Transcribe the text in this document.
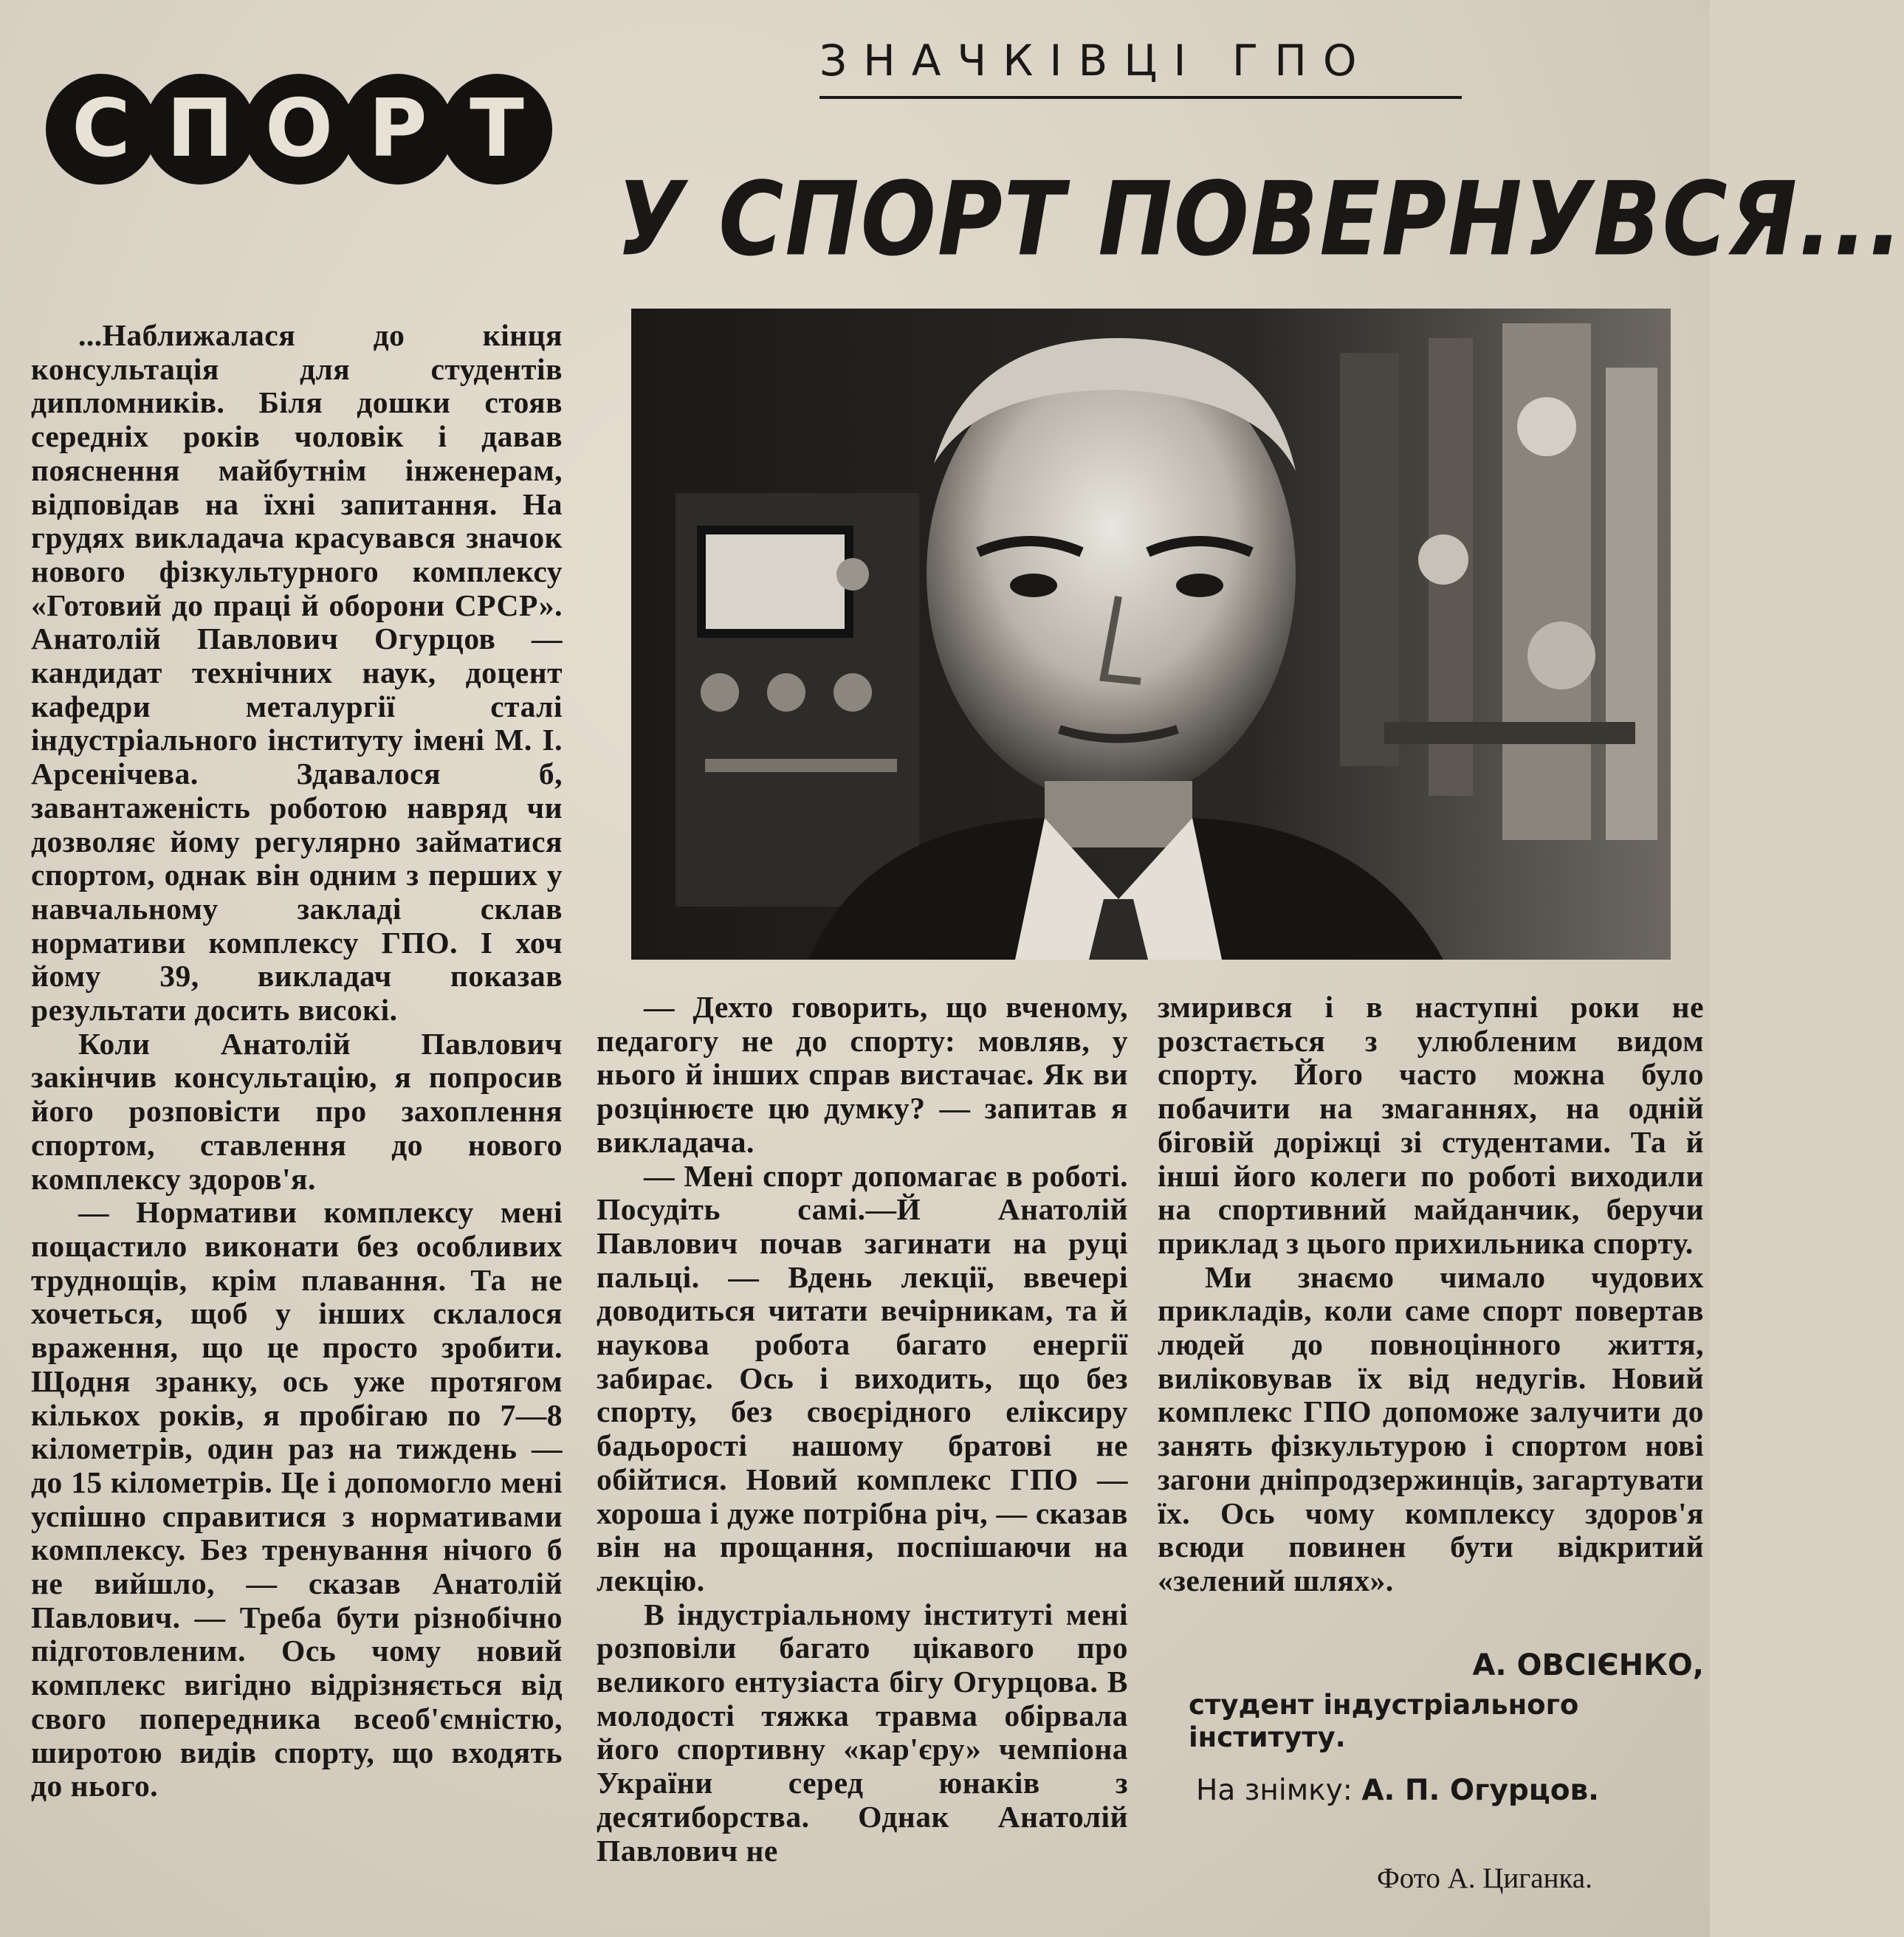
С П О Р Т
ЗНАЧКІВЦІ ГПО
У СПОРТ ПОВЕРНУВСЯ...

...Наближалася до кінця консультація для студентів дипломників. Біля дошки стояв середніх років чоловік і давав пояснення майбутнім інженерам, відповідав на їхні запитання. На грудях викладача красувався значок нового фізкультурного комплексу «Готовий до праці й оборони СРСР». Анатолій Павлович Огурцов — кандидат технічних наук, доцент кафедри металургії сталі індустріального інституту імені М. І. Арсенічева. Здавалося б, завантаженість роботою навряд чи дозволяє йому регулярно займатися спортом, однак він одним з перших у навчальному закладі склав нормативи комплексу ГПО. І хоч йому 39, викладач показав результати досить високі.

Коли Анатолій Павлович закінчив консультацію, я попросив його розповісти про захоплення спортом, ставлення до нового комплексу здоров'я.

— Нормативи комплексу мені пощастило виконати без особливих труднощів, крім плавання. Та не хочеться, щоб у інших склалося враження, що це просто зробити. Щодня зранку, ось уже протягом кількох років, я пробігаю по 7—8 кілометрів, один раз на тиждень — до 15 кілометрів. Це і допомогло мені успішно справитися з нормативами комплексу. Без тренування нічого б не вийшло, — сказав Анатолій Павлович. — Треба бути різнобічно підготовленим. Ось чому новий комплекс вигідно відрізняється від свого попередника всеоб'ємністю, широтою видів спорту, що входять до нього.

— Дехто говорить, що вченому, педагогу не до спорту: мовляв, у нього й інших справ вистачає. Як ви розцінюєте цю думку? — запитав я викладача.

— Мені спорт допомагає в роботі. Посудіть самі.—Й Анатолій Павлович почав загинати на руці пальці. — Вдень лекції, ввечері доводиться читати вечірникам, та й наукова робота багато енергії забирає. Ось і виходить, що без спорту, без своєрідного еліксиру бадьорості нашому братові не обійтися. Новий комплекс ГПО — хороша і дуже потрібна річ, — сказав він на прощання, поспішаючи на лекцію.

В індустріальному інституті мені розповіли багато цікавого про великого ентузіаста бігу Огурцова. В молодості тяжка травма обірвала його спортивну «кар'єру» чемпіона України серед юнаків з десятиборства. Однак Анатолій Павлович не

змирився і в наступні роки не розстається з улюбленим видом спорту. Його часто можна було побачити на змаганнях, на одній біговій доріжці зі студентами. Та й інші його колеги по роботі виходили на спортивний майданчик, беручи приклад з цього прихильника спорту.

Ми знаємо чимало чудових прикладів, коли саме спорт повертав людей до повноцінного життя, виліковував їх від недугів. Новий комплекс ГПО допоможе залучити до занять фізкультурою і спортом нові загони дніпродзержинців, загартувати їх. Ось чому комплексу здоров'я всюди повинен бути відкритий «зелений шлях».

А. ОВСІЄНКО,
студент індустріального інституту.
На знімку: А. П. Огурцов.
Фото А. Циганка.
